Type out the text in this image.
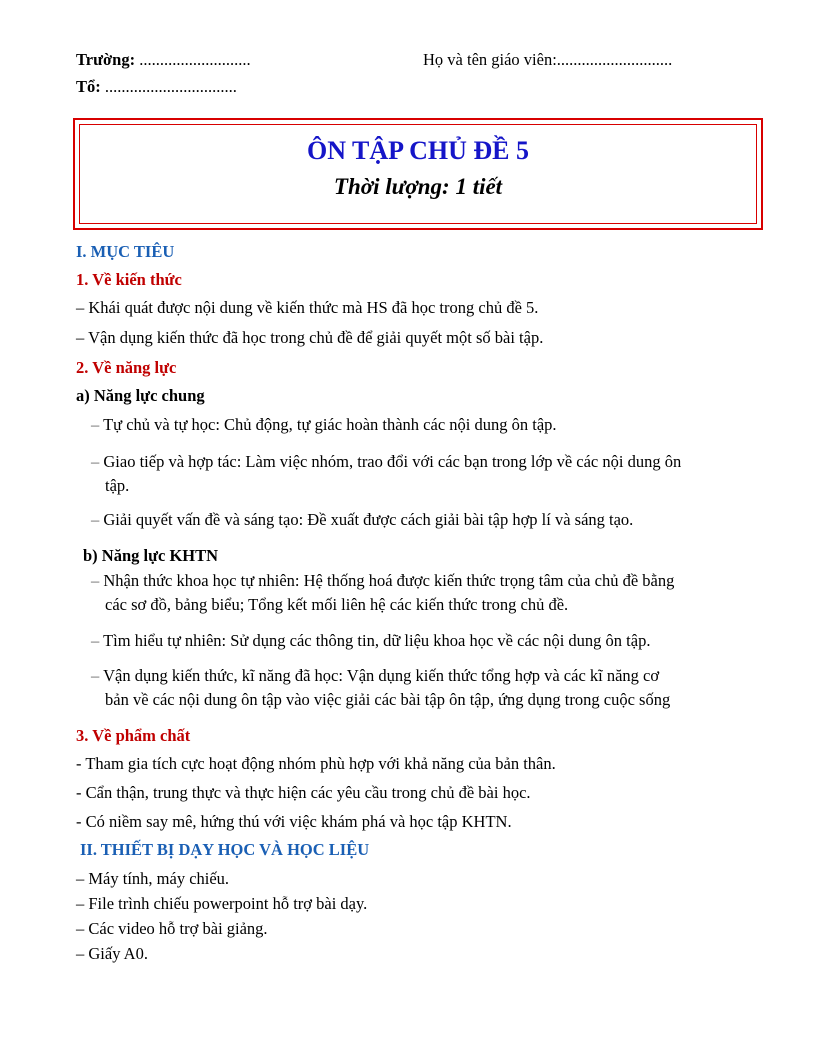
Trường: ...........................	Họ và tên giáo viên:............................
Tổ: ................................
ÔN TẬP CHỦ ĐỀ 5
Thời lượng: 1 tiết
I. MỤC TIÊU
1. Về kiến thức
– Khái quát được nội dung về kiến thức mà HS đã học trong chủ đề 5.
– Vận dụng kiến thức đã học trong chủ đề để giải quyết một số bài tập.
2. Về năng lực
a) Năng lực chung
– Tự chủ và tự học: Chủ động, tự giác hoàn thành các nội dung ôn tập.
– Giao tiếp và hợp tác: Làm việc nhóm, trao đổi với các bạn trong lớp về các nội dung ôn
tập.
– Giải quyết vấn đề và sáng tạo: Đề xuất được cách giải bài tập hợp lí và sáng tạo.
b) Năng lực KHTN
– Nhận thức khoa học tự nhiên: Hệ thống hoá được kiến thức trọng tâm của chủ đề bằng
các sơ đồ, bảng biểu; Tổng kết mối liên hệ các kiến thức trong chủ đề.
– Tìm hiểu tự nhiên: Sử dụng các thông tin, dữ liệu khoa học về các nội dung ôn tập.
– Vận dụng kiến thức, kĩ năng đã học: Vận dụng kiến thức tổng hợp và các kĩ năng cơ
bản về các nội dung ôn tập vào việc giải các bài tập ôn tập, ứng dụng trong cuộc sống
3. Về phẩm chất
- Tham gia tích cực hoạt động nhóm phù hợp với khả năng của bản thân.
- Cẩn thận, trung thực và thực hiện các yêu cầu trong chủ đề bài học.
- Có niềm say mê, hứng thú với việc khám phá và học tập KHTN.
II. THIẾT BỊ DẠY HỌC VÀ HỌC LIỆU
– Máy tính, máy chiếu.
– File trình chiếu powerpoint hỗ trợ bài dạy.
– Các video hỗ trợ bài giảng.
– Giấy A0.
